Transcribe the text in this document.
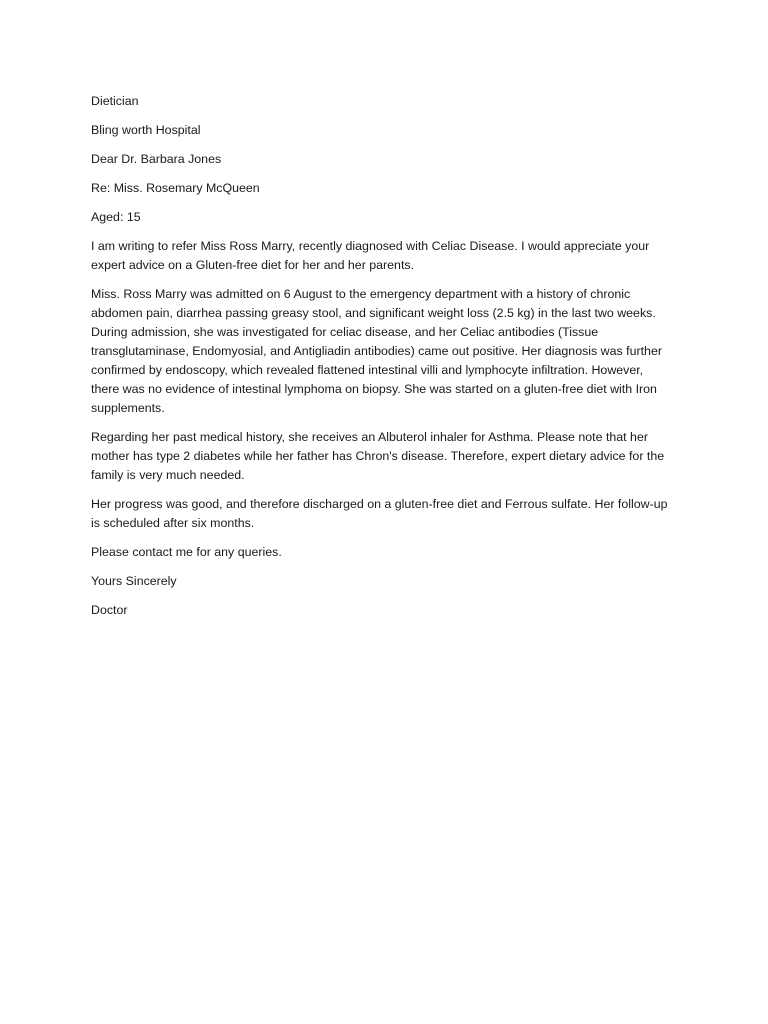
Dietician

Bling worth Hospital

Dear Dr. Barbara Jones

Re: Miss. Rosemary McQueen

Aged: 15

I am writing to refer Miss Ross Marry, recently diagnosed with Celiac Disease. I would appreciate your expert advice on a Gluten-free diet for her and her parents.

Miss. Ross Marry was admitted on 6 August to the emergency department with a history of chronic abdomen pain, diarrhea passing greasy stool, and significant weight loss (2.5 kg) in the last two weeks. During admission, she was investigated for celiac disease, and her Celiac antibodies (Tissue transglutaminase, Endomyosial, and Antigliadin antibodies) came out positive. Her diagnosis was further confirmed by endoscopy, which revealed flattened intestinal villi and lymphocyte infiltration. However, there was no evidence of intestinal lymphoma on biopsy. She was started on a gluten-free diet with Iron supplements.

Regarding her past medical history, she receives an Albuterol inhaler for Asthma. Please note that her mother has type 2 diabetes while her father has Chron's disease. Therefore, expert dietary advice for the family is very much needed.

Her progress was good, and therefore discharged on a gluten-free diet and Ferrous sulfate. Her follow-up is scheduled after six months.

Please contact me for any queries.

Yours Sincerely

Doctor
